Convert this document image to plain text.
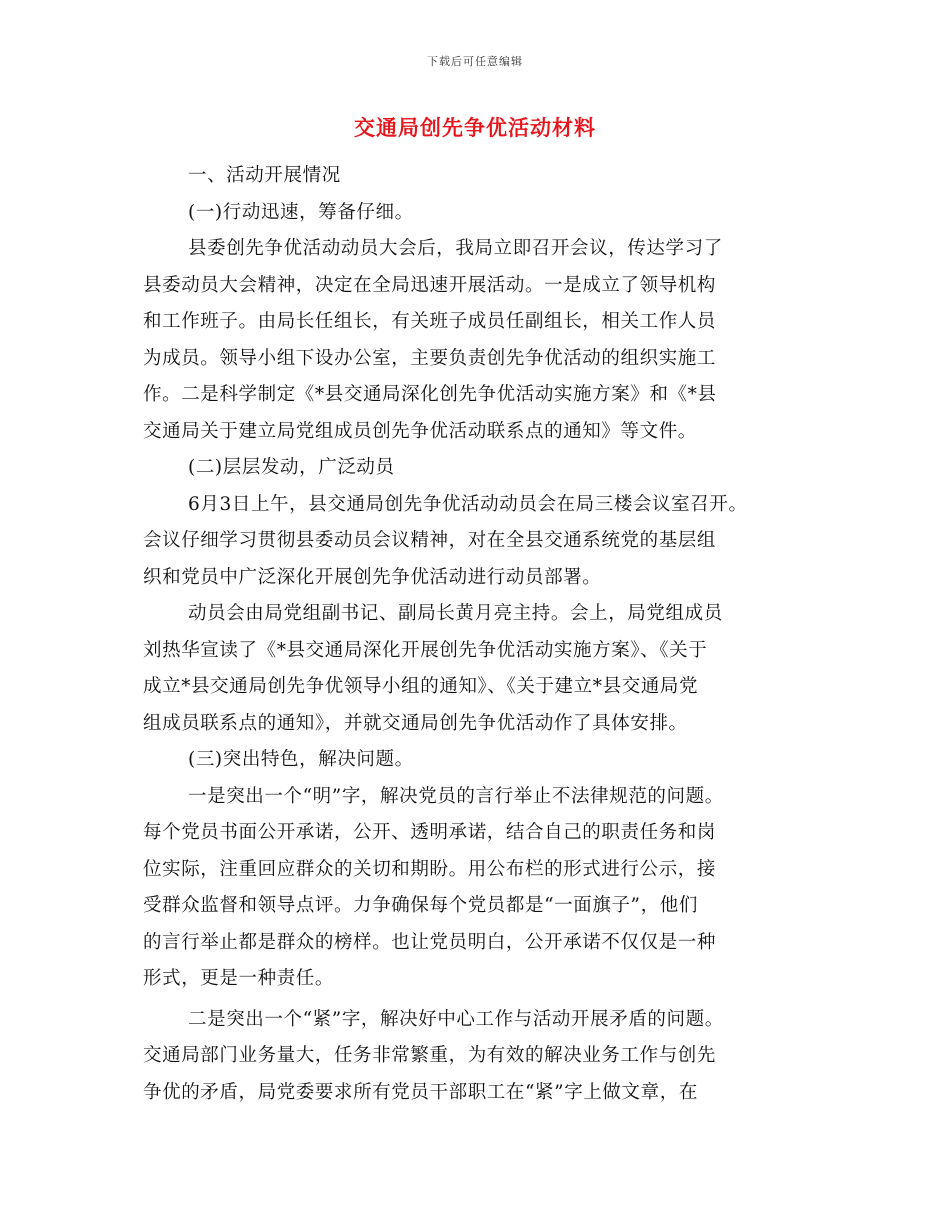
下载后可任意编辑
交通局创先争优活动材料
一、活动开展情况
(一)行动迅速，筹备仔细。
县委创先争优活动动员大会后，我局立即召开会议，传达学习了
县委动员大会精神，决定在全局迅速开展活动。一是成立了领导机构
和工作班子。由局长任组长，有关班子成员任副组长，相关工作人员
为成员。领导小组下设办公室，主要负责创先争优活动的组织实施工
作。二是科学制定《*县交通局深化创先争优活动实施方案》和《*县
交通局关于建立局党组成员创先争优活动联系点的通知》等文件。
(二)层层发动，广泛动员
6月3日上午，县交通局创先争优活动动员会在局三楼会议室召开。
会议仔细学习贯彻县委动员会议精神，对在全县交通系统党的基层组
织和党员中广泛深化开展创先争优活动进行动员部署。
动员会由局党组副书记、副局长黄月亮主持。会上，局党组成员
刘热华宣读了《*县交通局深化开展创先争优活动实施方案》、《关于
成立*县交通局创先争优领导小组的通知》、《关于建立*县交通局党
组成员联系点的通知》，并就交通局创先争优活动作了具体安排。
(三)突出特色，解决问题。
一是突出一个“明”字，解决党员的言行举止不法律规范的问题。
每个党员书面公开承诺，公开、透明承诺，结合自己的职责任务和岗
位实际，注重回应群众的关切和期盼。用公布栏的形式进行公示，接
受群众监督和领导点评。力争确保每个党员都是“一面旗子”，他们
的言行举止都是群众的榜样。也让党员明白，公开承诺不仅仅是一种
形式，更是一种责任。
二是突出一个“紧”字，解决好中心工作与活动开展矛盾的问题。
交通局部门业务量大，任务非常繁重，为有效的解决业务工作与创先
争优的矛盾，局党委要求所有党员干部职工在“紧”字上做文章，在
